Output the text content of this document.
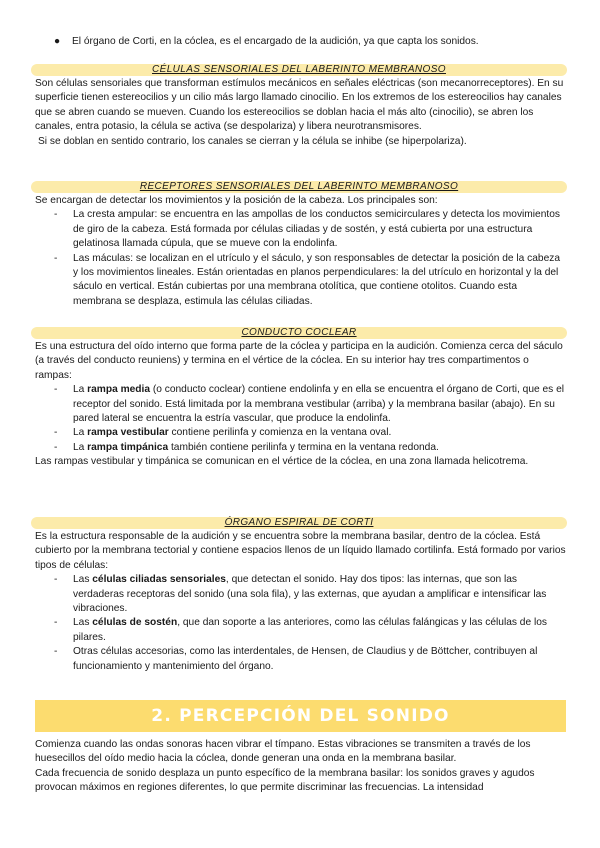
●	El órgano de Corti, en la cóclea, es el encargado de la audición, ya que capta los sonidos.
CÉLULAS SENSORIALES DEL LABERINTO MEMBRANOSO

Son células sensoriales que transforman estímulos mecánicos en señales eléctricas (son mecanorreceptores). En su superficie tienen estereocilios y un cilio más largo llamado cinocilio. En los extremos de los estereocilios hay canales que se abren cuando se mueven. Cuando los estereocilios se doblan hacia el más alto (cinocilio), se abren los canales, entra potasio, la célula se activa (se despolariza) y libera neurotransmisores.

Si se doblan en sentido contrario, los canales se cierran y la célula se inhibe (se hiperpolariza).

RECEPTORES SENSORIALES DEL LABERINTO MEMBRANOSO

Se encargan de detectar los movimientos y la posición de la cabeza. Los principales son:

- La cresta ampular: se encuentra en las ampollas de los conductos semicirculares y detecta los movimientos de giro de la cabeza. Está formada por células ciliadas y de sostén, y está cubierta por una estructura gelatinosa llamada cúpula, que se mueve con la endolinfa.
- Las máculas: se localizan en el utrículo y el sáculo, y son responsables de detectar la posición de la cabeza y los movimientos lineales. Están orientadas en planos perpendiculares: la del utrículo en horizontal y la del sáculo en vertical. Están cubiertas por una membrana otolítica, que contiene otolitos. Cuando esta membrana se desplaza, estimula las células ciliadas.
CONDUCTO COCLEAR

Es una estructura del oído interno que forma parte de la cóclea y participa en la audición. Comienza cerca del sáculo (a través del conducto reuniens) y termina en el vértice de la cóclea. En su interior hay tres compartimentos o rampas:

- La rampa media (o conducto coclear) contiene endolinfa y en ella se encuentra el órgano de Corti, que es el receptor del sonido. Está limitada por la membrana vestibular (arriba) y la membrana basilar (abajo). En su pared lateral se encuentra la estría vascular, que produce la endolinfa.
- La rampa vestibular contiene perilinfa y comienza en la ventana oval.
- La rampa timpánica también contiene perilinfa y termina en la ventana redonda.

Las rampas vestibular y timpánica se comunican en el vértice de la cóclea, en una zona llamada helicotrema.

ÓRGANO ESPIRAL DE CORTI

Es la estructura responsable de la audición y se encuentra sobre la membrana basilar, dentro de la cóclea. Está cubierto por la membrana tectorial y contiene espacios llenos de un líquido llamado cortilinfa. Está formado por varios tipos de células:

- Las células ciliadas sensoriales, que detectan el sonido. Hay dos tipos: las internas, que son las verdaderas receptoras del sonido (una sola fila), y las externas, que ayudan a amplificar e intensificar las vibraciones.
- Las células de sostén, que dan soporte a las anteriores, como las células falángicas y las células de los pilares.
- Otras células accesorias, como las interdentales, de Hensen, de Claudius y de Böttcher, contribuyen al funcionamiento y mantenimiento del órgano.
2. PERCEPCIÓN DEL SONIDO

Comienza cuando las ondas sonoras hacen vibrar el tímpano. Estas vibraciones se transmiten a través de los huesecillos del oído medio hacia la cóclea, donde generan una onda en la membrana basilar.

Cada frecuencia de sonido desplaza un punto específico de la membrana basilar: los sonidos graves y agudos provocan máximos en regiones diferentes, lo que permite discriminar las frecuencias. La intensidad
